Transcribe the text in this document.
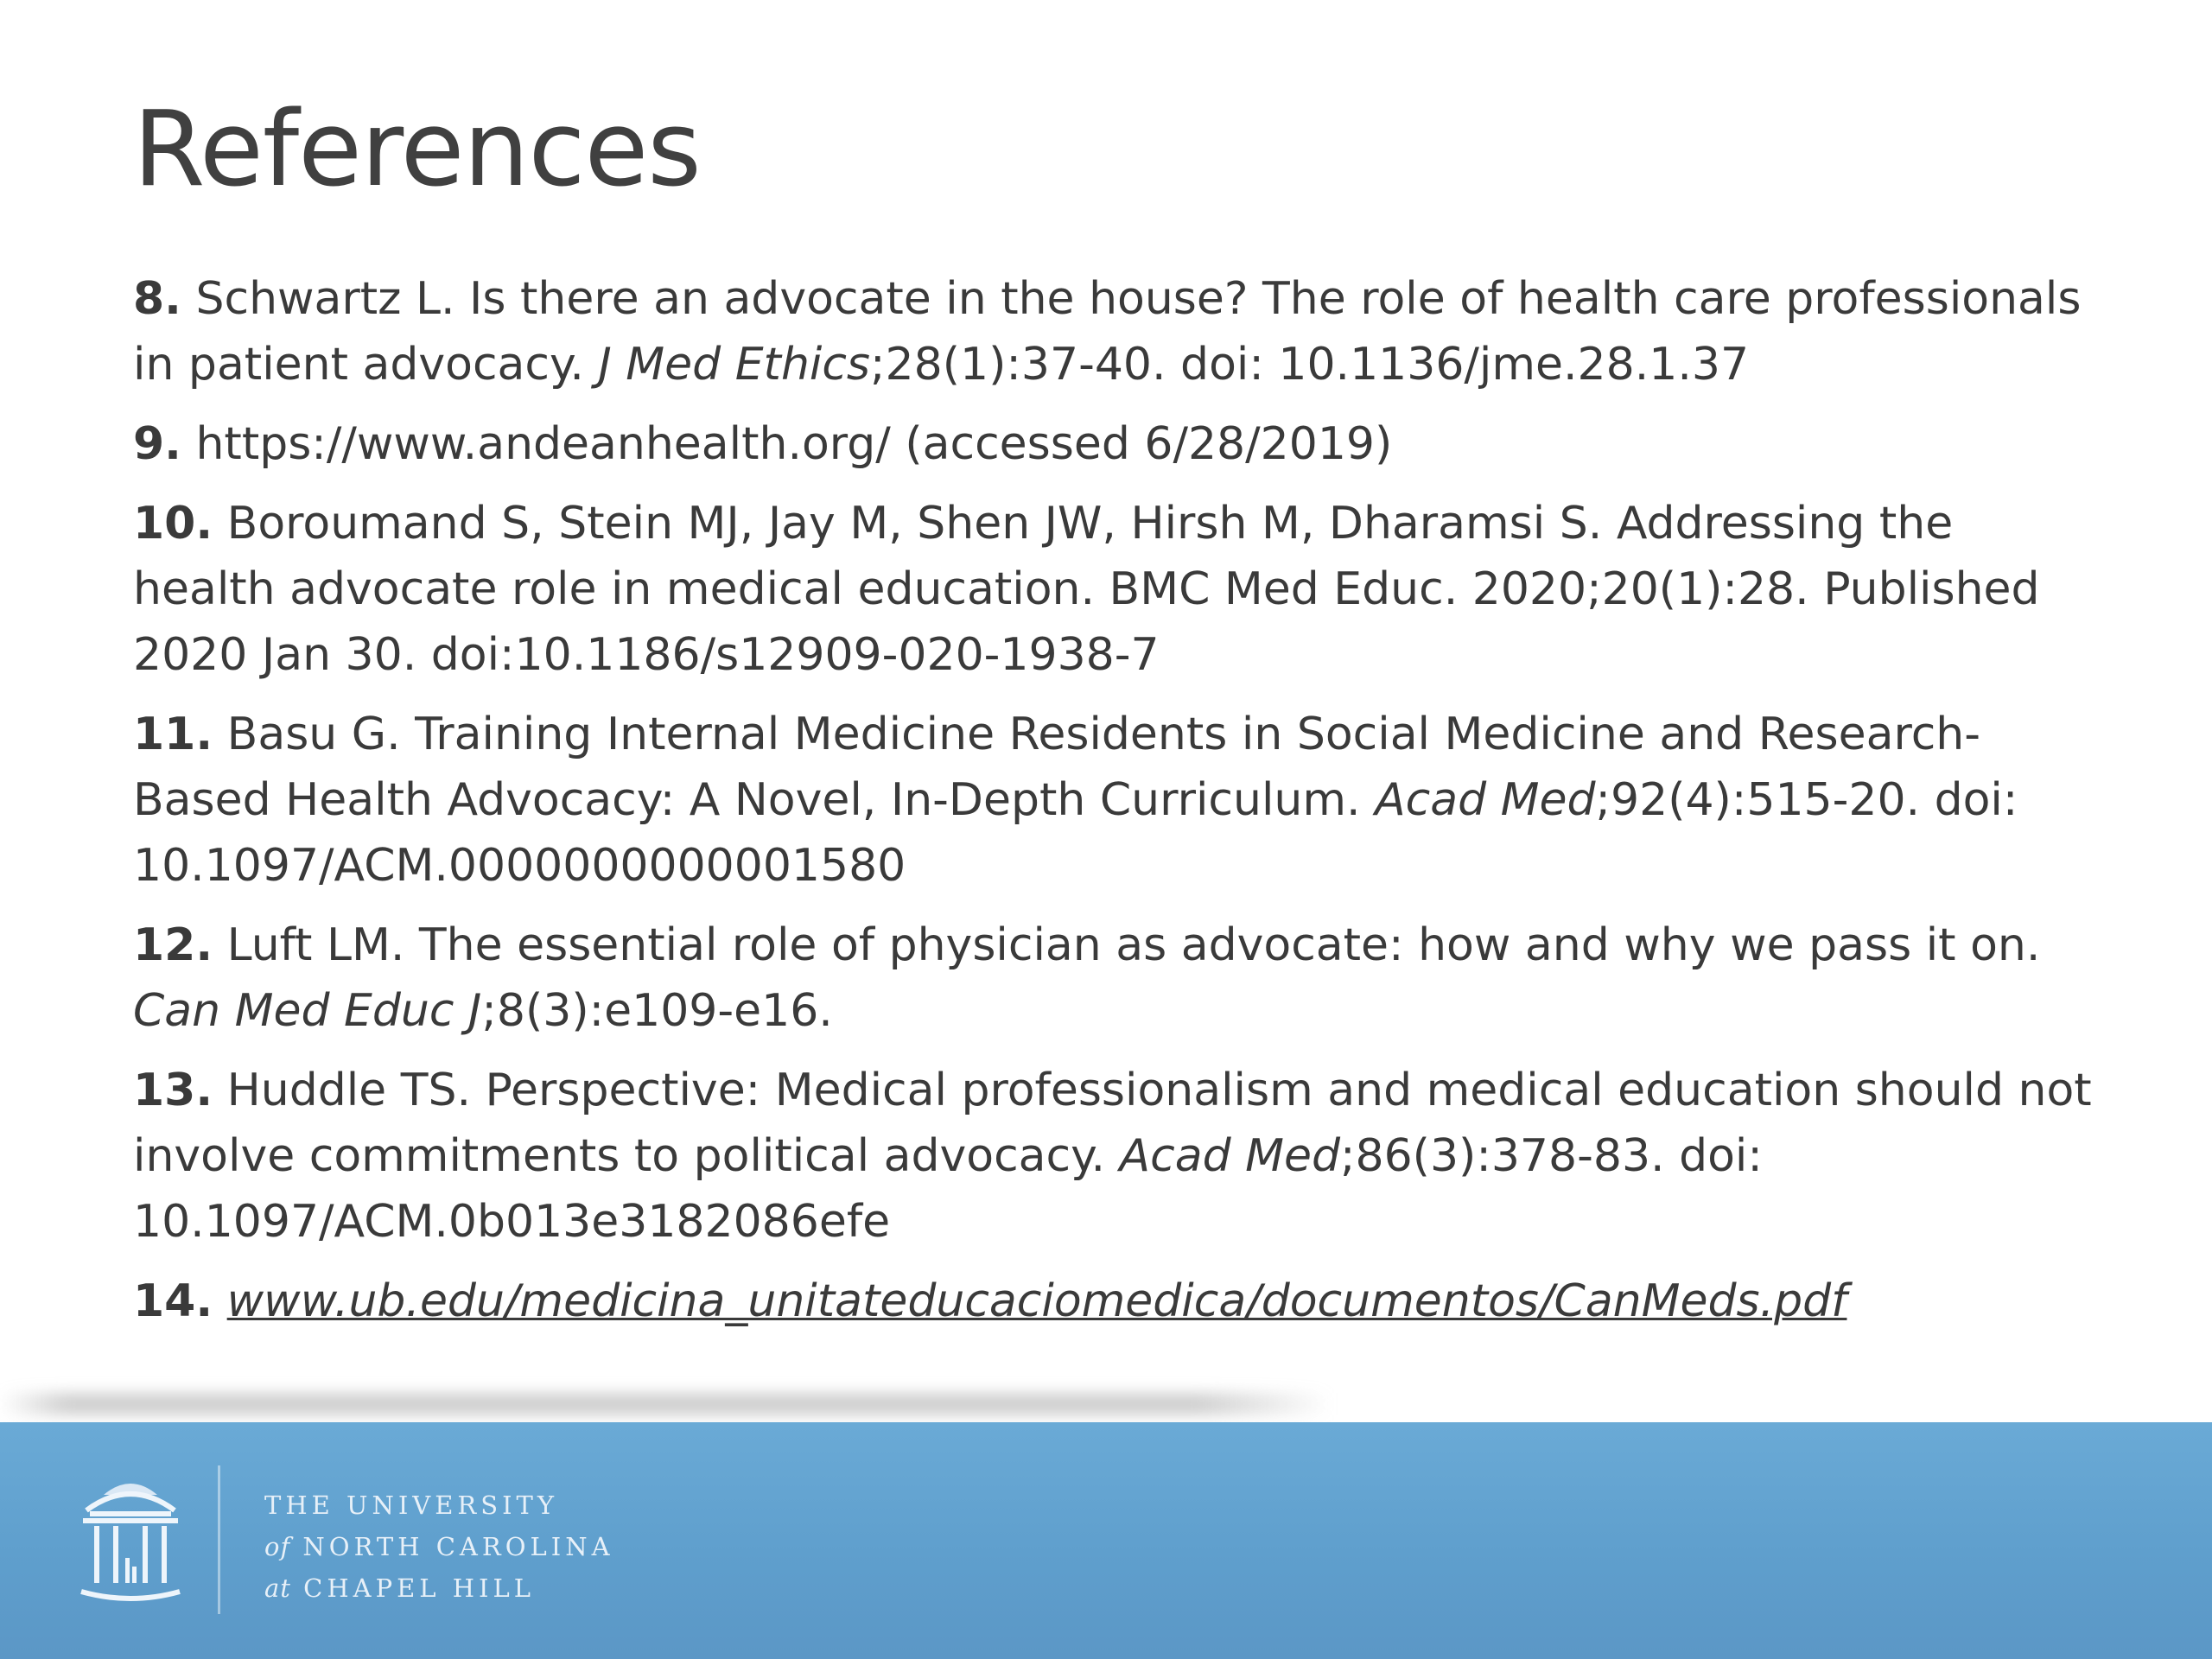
References

8. Schwartz L. Is there an advocate in the house? The role of health care professionals in patient advocacy. J Med Ethics;28(1):37-40. doi: 10.1136/jme.28.1.37

9. https://www.andeanhealth.org/ (accessed 6/28/2019)

10. Boroumand S, Stein MJ, Jay M, Shen JW, Hirsh M, Dharamsi S. Addressing the health advocate role in medical education. BMC Med Educ. 2020;20(1):28. Published 2020 Jan 30. doi:10.1186/s12909-020-1938-7

11. Basu G. Training Internal Medicine Residents in Social Medicine and Research-Based Health Advocacy: A Novel, In-Depth Curriculum. Acad Med;92(4):515-20. doi: 10.1097/ACM.0000000000001580

12. Luft LM. The essential role of physician as advocate: how and why we pass it on. Can Med Educ J;8(3):e109-e16.

13. Huddle TS. Perspective: Medical professionalism and medical education should not involve commitments to political advocacy. Acad Med;86(3):378-83. doi: 10.1097/ACM.0b013e3182086efe

14. www.ub.edu/medicina_unitateducaciomedica/documentos/CanMeds.pdf

THE UNIVERSITY
of NORTH CAROLINA
at CHAPEL HILL
